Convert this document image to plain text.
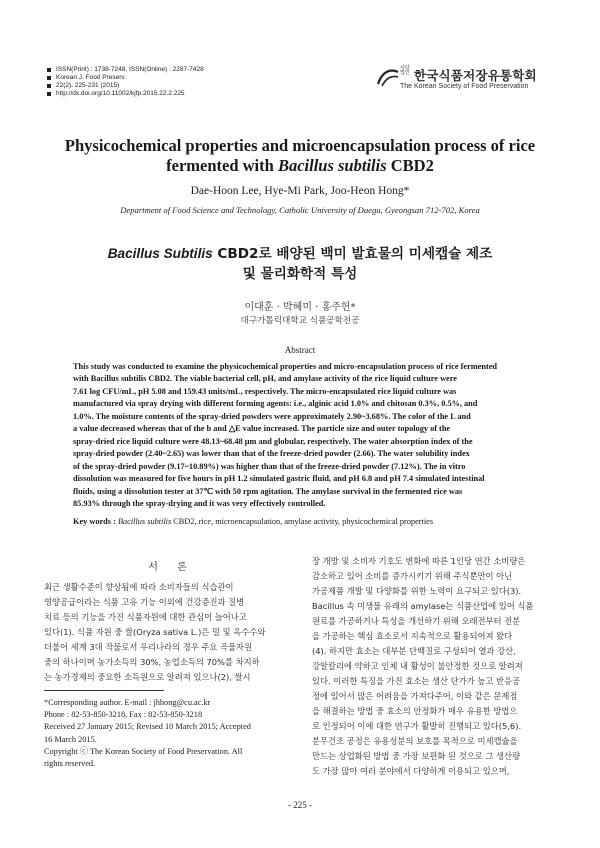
ISSN(Print) : 1738-7248, ISSN(Online) : 2287-7428
Korean J. Food Preserv.
22(2), 225-231 (2015)
http://dx.doi.org/10.11002/kjfp.2015.22.2.225
사단 법인 한국식품저장유통학회
The Korean Society of Food Preservation
Physicochemical properties and microencapsulation process of rice
fermented with Bacillus subtilis CBD2
Dae-Hoon Lee, Hye-Mi Park, Joo-Heon Hong*
Department of Food Science and Technology, Catholic University of Daegu, Gyeongsan 712-702, Korea
Bacillus Subtilis CBD2로 배양된 백미 발효물의 미세캡슐 제조
및 물리화학적 특성
이대훈 · 박혜미 · 홍주헌*
대구가톨릭대학교 식품공학전공
Abstract
This study was conducted to examine the physicochemical properties and micro-encapsulation process of rice fermented
with Bacillus subtilis CBD2. The viable bacterial cell, pH, and amylase activity of the rice liquid culture were
7.61 log CFU/mL, pH 5.08 and 159.43 units/mL, respectively. The micro-encapsulated rice liquid culture was
manufactured via spray drying with different forming agents: i.e., alginic acid 1.0% and chitosan 0.3%, 0.5%, and
1.0%. The moisture contents of the spray-dried powders were approximately 2.90~3.68%. The color of the L and
a value decreased whereas that of the b and △E value increased. The particle size and outer topology of the
spray-dried rice liquid culture were 48.13~68.48 μm and globular, respectively. The water absorption index of the
spray-dried powder (2.40~2.65) was lower than that of the freeze-dried powder (2.66). The water solubility index
of the spray-dried powder (9.17~10.89%) was higher than that of the freeze-dried powder (7.12%). The in vitro
dissolution was measured for five hours in pH 1.2 simulated gastric fluid, and pH 6.8 and pH 7.4 simulated intestinal
fluids, using a dissolution tester at 37℃ with 50 rpm agitation. The amylase survival in the fermented rice was
85.93% through the spray-drying and it was very effectively controlled.
Key words : Bacillus subtilis CBD2, rice, microencapsulation, amylase activity, physicochemical properties
서 론
최근 생활수준이 향상됨에 따라 소비자들의 식습관이
영양공급이라는 식품 고유 기능 이외에 건강증진과 질병
치료 등의 기능을 가진 식품자원에 대한 관심이 늘어나고
있다(1). 식품 자원 중 쌀(Oryza sativa L.)은 밀 및 옥수수와
더불어 세계 3대 작물로서 우리나라의 경우 주요 곡물자원
중의 하나이며 농가소득의 30%, 농업소득의 70%를 차지하
는 농가경제의 중요한 소득원으로 알려져 있으나(2), 쌀시
*Corresponding author. E-mail : jhhong@cu.ac.kr
Phone : 82-53-850-3218, Fax : 82-53-850-3218
Received 27 January 2015; Revised 10 March 2015; Accepted
16 March 2015.
Copyright ⓒ The Korean Society of Food Preservation. All
rights reserved.
장 개방 및 소비자 기호도 변화에 따른 1인당 연간 소비량은
감소하고 있어 소비를 증가시키기 위해 주식뿐만이 아닌
가공제품 개발 및 다양화를 위한 노력이 요구되고 있다(3).
Bacillus 속 미생물 유래의 amylase는 식품산업에 있어 식품
원료를 가공하거나 특성을 개선하기 위해 오래전부터 전분
을 가공하는 핵심 효소로서 지속적으로 활용되어져 왔다
(4). 하지만 효소는 대부분 단백질로 구성되어 열과 강산,
강알칼리에 약하고 인체 내 활성이 불안정한 것으로 알려져
있다. 이러한 특징을 가진 효소는 생산 단가가 높고 반응공
정에 있어서 많은 어려움을 가져다주어, 이와 같은 문제점
을 해결하는 방법 중 효소의 안정화가 매우 유용한 방법으
로 인정되어 이에 대한 연구가 활발히 진행되고 있다(5,6).
분무건조 공정은 유용성분의 보호를 목적으로 미세캡슐을
만드는 상업화된 방법 중 가장 보편화 된 것으로 그 생산량
도 가장 많아 여러 분야에서 다양하게 이용되고 있으며,
- 225 -
